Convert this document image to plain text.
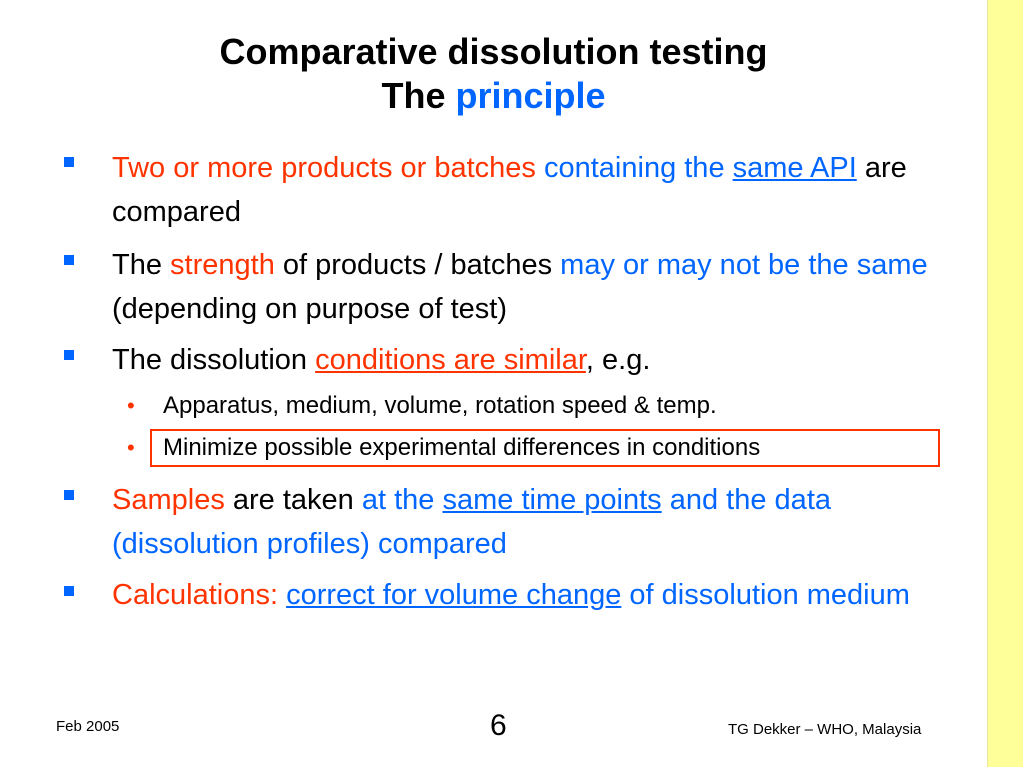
Comparative dissolution testing
The principle
Two or more products or batches containing the same API are compared
The strength of products / batches may or may not be the same (depending on purpose of test)
The dissolution conditions are similar, e.g.
• Apparatus, medium, volume, rotation speed & temp.
• Minimize possible experimental differences in conditions
Samples are taken at the same time points and the data (dissolution profiles) compared
Calculations: correct for volume change of dissolution medium
Feb 2005	6	TG Dekker – WHO, Malaysia
